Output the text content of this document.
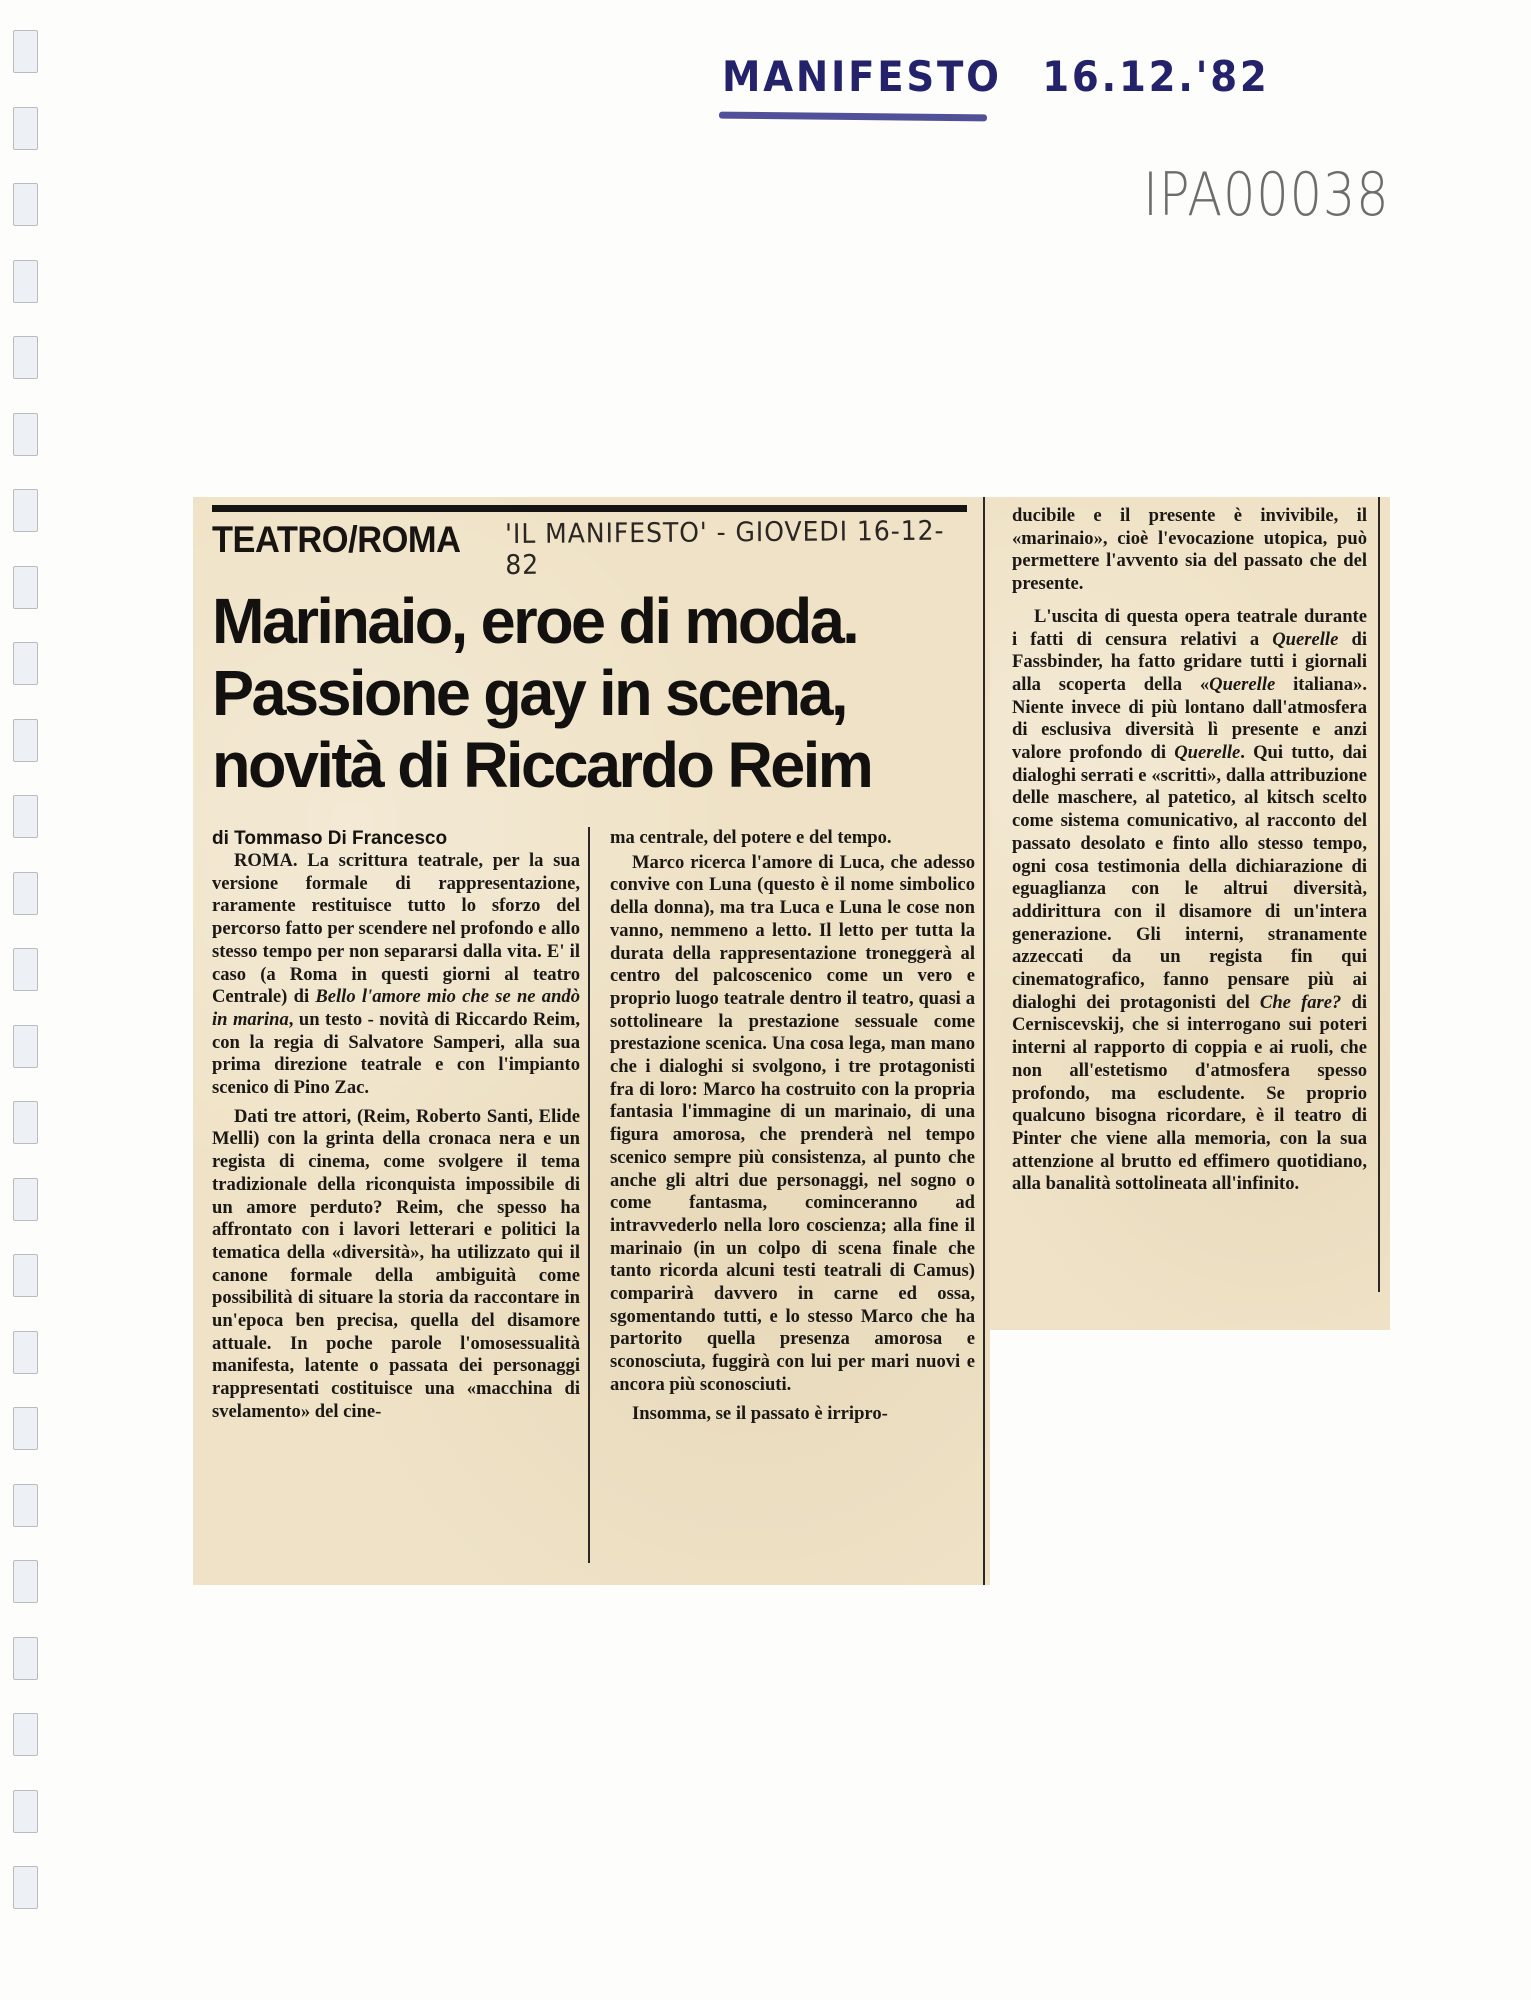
MANIFESTO 16.12.'82
IPA00038
TEATRO/ROMA 'IL MANIFESTO' - GIOVEDI 16-12-82
Marinaio, eroe di moda.
Passione gay in scena,
novità di Riccardo Reim
di Tommaso Di Francesco

ROMA. La scrittura teatrale, per la sua versione formale di rappresentazione, raramente restituisce tutto lo sforzo del percorso fatto per scendere nel profondo e allo stesso tempo per non separarsi dalla vita. E' il caso (a Roma in questi giorni al teatro Centrale) di Bello l'amore mio che se ne andò in marina, un testo - novità di Riccardo Reim, con la regia di Salvatore Samperi, alla sua prima direzione teatrale e con l'impianto scenico di Pino Zac.

Dati tre attori, (Reim, Roberto Santi, Elide Melli) con la grinta della cronaca nera e un regista di cinema, come svolgere il tema tradizionale della riconquista impossibile di un amore perduto? Reim, che spesso ha affrontato con i lavori letterari e politici la tematica della «diversità», ha utilizzato qui il canone formale della ambiguità come possibilità di situare la storia da raccontare in un'epoca ben precisa, quella del disamore attuale. In poche parole l'omosessualità manifesta, latente o passata dei personaggi rappresentati costituisce una «macchina di svelamento» del cine-

ma centrale, del potere e del tempo.

Marco ricerca l'amore di Luca, che adesso convive con Luna (questo è il nome simbolico della donna), ma tra Luca e Luna le cose non vanno, nemmeno a letto. Il letto per tutta la durata della rappresentazione troneggerà al centro del palcoscenico come un vero e proprio luogo teatrale dentro il teatro, quasi a sottolineare la prestazione sessuale come prestazione scenica. Una cosa lega, man mano che i dialoghi si svolgono, i tre protagonisti fra di loro: Marco ha costruito con la propria fantasia l'immagine di un marinaio, di una figura amorosa, che prenderà nel tempo scenico sempre più consistenza, al punto che anche gli altri due personaggi, nel sogno o come fantasma, cominceranno ad intravvederlo nella loro coscienza; alla fine il marinaio (in un colpo di scena finale che tanto ricorda alcuni testi teatrali di Camus) comparirà davvero in carne ed ossa, sgomentando tutti, e lo stesso Marco che ha partorito quella presenza amorosa e sconosciuta, fuggirà con lui per mari nuovi e ancora più sconosciuti.

Insomma, se il passato è irripro-

ducibile e il presente è invivibile, il «marinaio», cioè l'evocazione utopica, può permettere l'avvento sia del passato che del presente.

L'uscita di questa opera teatrale durante i fatti di censura relativi a Querelle di Fassbinder, ha fatto gridare tutti i giornali alla scoperta della «Querelle italiana». Niente invece di più lontano dall'atmosfera di esclusiva diversità lì presente e anzi valore profondo di Querelle. Qui tutto, dai dialoghi serrati e «scritti», dalla attribuzione delle maschere, al patetico, al kitsch scelto come sistema comunicativo, al racconto del passato desolato e finto allo stesso tempo, ogni cosa testimonia della dichiarazione di eguaglianza con le altrui diversità, addirittura con il disamore di un'intera generazione. Gli interni, stranamente azzeccati da un regista fin qui cinematografico, fanno pensare più ai dialoghi dei protagonisti del Che fare? di Cerniscevskij, che si interrogano sui poteri interni al rapporto di coppia e ai ruoli, che non all'estetismo d'atmosfera spesso profondo, ma escludente. Se proprio qualcuno bisogna ricordare, è il teatro di Pinter che viene alla memoria, con la sua attenzione al brutto ed effimero quotidiano, alla banalità sottolineata all'infinito.
